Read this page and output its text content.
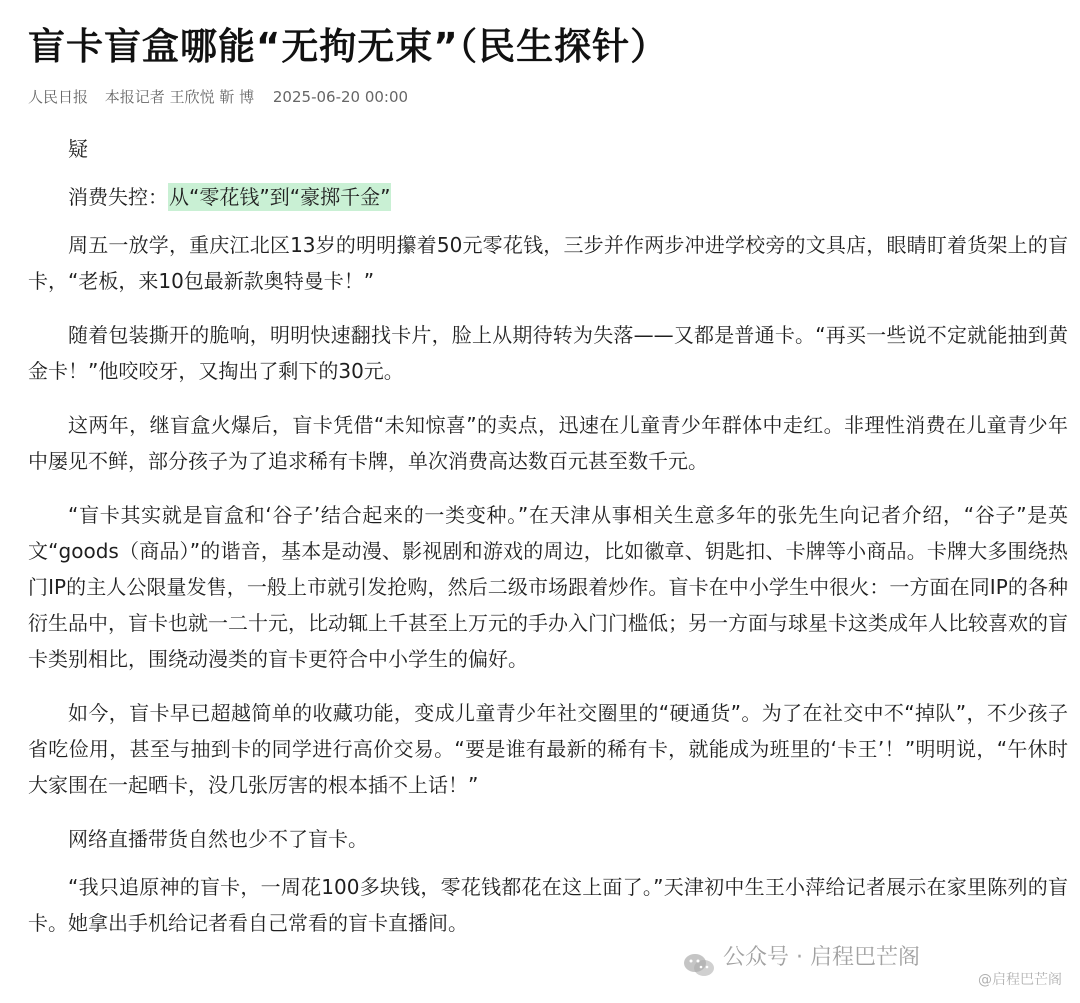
盲卡盲盒哪能“无拘无束”（民生探针）
人民日报 本报记者 王欣悦 靳 博 2025-06-20 00:00

疑

消费失控：从“零花钱”到“豪掷千金”

周五一放学，重庆江北区13岁的明明攥着50元零花钱，三步并作两步冲进学校旁的文具店，眼睛盯着货架上的盲卡，“老板，来10包最新款奥特曼卡！”

随着包装撕开的脆响，明明快速翻找卡片，脸上从期待转为失落——又都是普通卡。“再买一些说不定就能抽到黄金卡！”他咬咬牙，又掏出了剩下的30元。

这两年，继盲盒火爆后，盲卡凭借“未知惊喜”的卖点，迅速在儿童青少年群体中走红。非理性消费在儿童青少年中屡见不鲜，部分孩子为了追求稀有卡牌，单次消费高达数百元甚至数千元。

“盲卡其实就是盲盒和‘谷子’结合起来的一类变种。”在天津从事相关生意多年的张先生向记者介绍，“谷子”是英文“goods（商品）”的谐音，基本是动漫、影视剧和游戏的周边，比如徽章、钥匙扣、卡牌等小商品。卡牌大多围绕热门IP的主人公限量发售，一般上市就引发抢购，然后二级市场跟着炒作。盲卡在中小学生中很火：一方面在同IP的各种衍生品中，盲卡也就一二十元，比动辄上千甚至上万元的手办入门门槛低；另一方面与球星卡这类成年人比较喜欢的盲卡类别相比，围绕动漫类的盲卡更符合中小学生的偏好。

如今，盲卡早已超越简单的收藏功能，变成儿童青少年社交圈里的“硬通货”。为了在社交中不“掉队”，不少孩子省吃俭用，甚至与抽到卡的同学进行高价交易。“要是谁有最新的稀有卡，就能成为班里的‘卡王’！”明明说，“午休时大家围在一起晒卡，没几张厉害的根本插不上话！”

网络直播带货自然也少不了盲卡。

“我只追原神的盲卡，一周花100多块钱，零花钱都花在这上面了。”天津初中生王小萍给记者展示在家里陈列的盲卡。她拿出手机给记者看自己常看的盲卡直播间。

公众号 · 启程巴芒阁
@启程巴芒阁
